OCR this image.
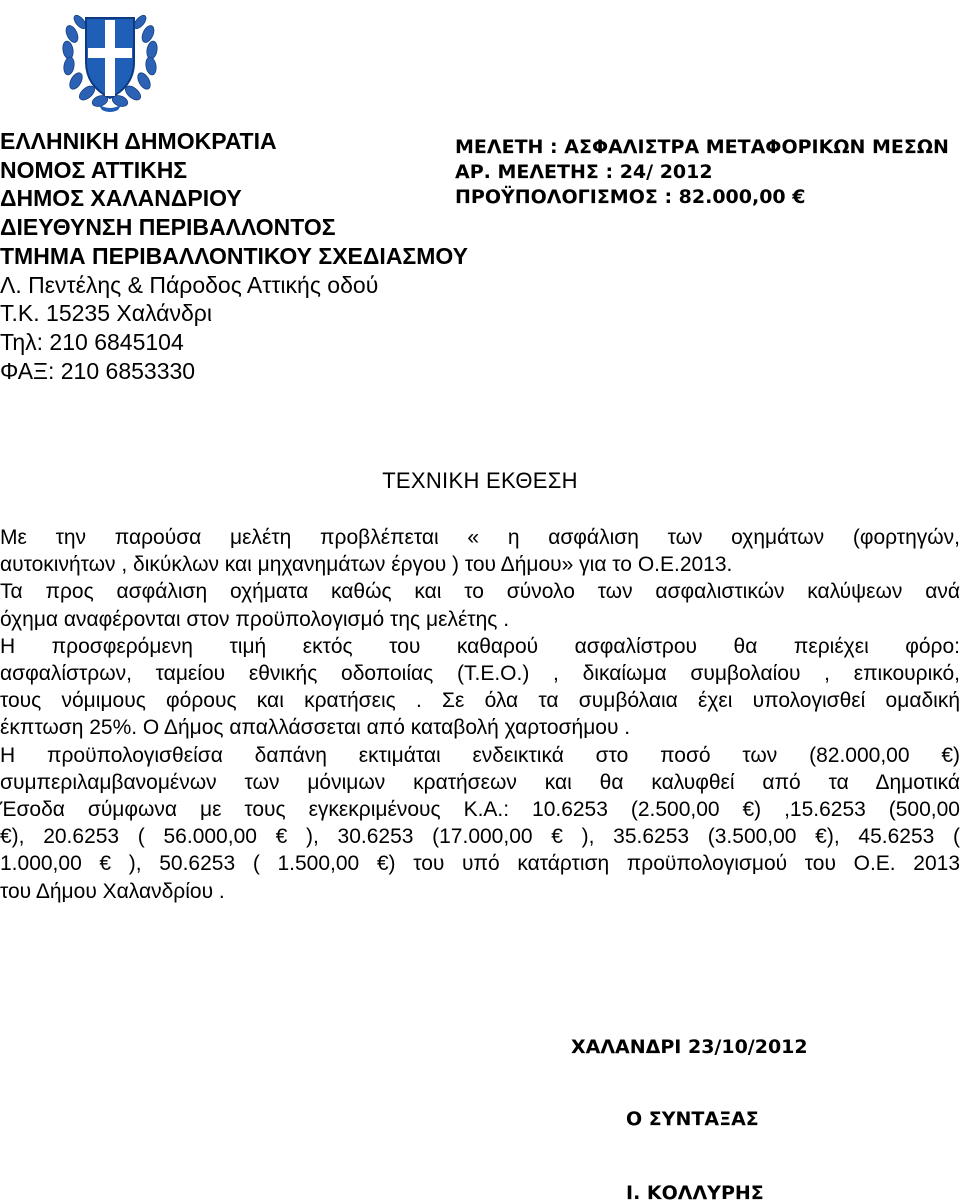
ΕΛΛΗΝΙΚΗ ΔΗΜΟΚΡΑΤΙΑ
ΝΟΜΟΣ ΑΤΤΙΚΗΣ
ΔΗΜΟΣ ΧΑΛΑΝΔΡΙΟΥ
ΔΙΕΥΘΥΝΣΗ ΠΕΡΙΒΑΛΛΟΝΤΟΣ
ΤΜΗΜΑ ΠΕΡΙΒΑΛΛΟΝΤΙΚΟΥ ΣΧΕΔΙΑΣΜΟΥ
Λ. Πεντέλης & Πάροδος Αττικής οδού
Τ.Κ. 15235 Χαλάνδρι
Τηλ: 210 6845104
ΦΑΞ: 210 6853330
ΜΕΛΕΤΗ : ΑΣΦΑΛΙΣΤΡΑ ΜΕΤΑΦΟΡΙΚΩΝ ΜΕΣΩΝ
ΑΡ. ΜΕΛΕΤΗΣ : 24/ 2012
ΠΡΟΫΠΟΛΟΓΙΣΜΟΣ : 82.000,00 €
ΤΕΧΝΙΚΗ ΕΚΘΕΣΗ
Με την παρούσα μελέτη προβλέπεται « η ασφάλιση των οχημάτων (φορτηγών,
αυτοκινήτων , δικύκλων και μηχανημάτων έργου ) του Δήμου» για το Ο.Ε.2013.
Τα προς ασφάλιση οχήματα καθώς και το σύνολο των ασφαλιστικών καλύψεων ανά
όχημα αναφέρονται στον προϋπολογισμό της μελέτης .
Η προσφερόμενη τιμή εκτός του καθαρού ασφαλίστρου θα περιέχει φόρο:
ασφαλίστρων, ταμείου εθνικής οδοποιίας (Τ.Ε.Ο.) , δικαίωμα συμβολαίου , επικουρικό,
τους νόμιμους φόρους και κρατήσεις . Σε όλα τα συμβόλαια έχει υπολογισθεί ομαδική
έκπτωση 25%. Ο Δήμος απαλλάσσεται από καταβολή χαρτοσήμου .
Η προϋπολογισθείσα δαπάνη εκτιμάται ενδεικτικά στο ποσό των (82.000,00 €)
συμπεριλαμβανομένων των μόνιμων κρατήσεων και θα καλυφθεί από τα Δημοτικά
Έσοδα σύμφωνα με τους εγκεκριμένους Κ.Α.: 10.6253 (2.500,00 €) ,15.6253 (500,00
€), 20.6253 ( 56.000,00 € ), 30.6253 (17.000,00 € ), 35.6253 (3.500,00 €), 45.6253 (
1.000,00 € ), 50.6253 ( 1.500,00 €) του υπό κατάρτιση προϋπολογισμού του Ο.Ε. 2013
του Δήμου Χαλανδρίου .
ΧΑΛΑΝΔΡΙ 23/10/2012
Ο ΣΥΝΤΑΞΑΣ
Ι. ΚΟΛΛΥΡΗΣ
